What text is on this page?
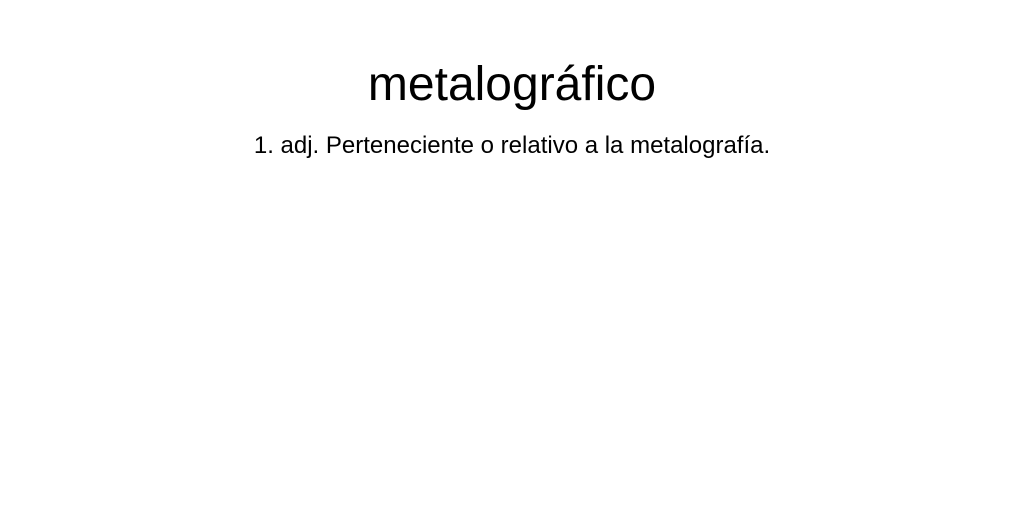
metalográfico

1. adj. Perteneciente o relativo a la metalografía.
